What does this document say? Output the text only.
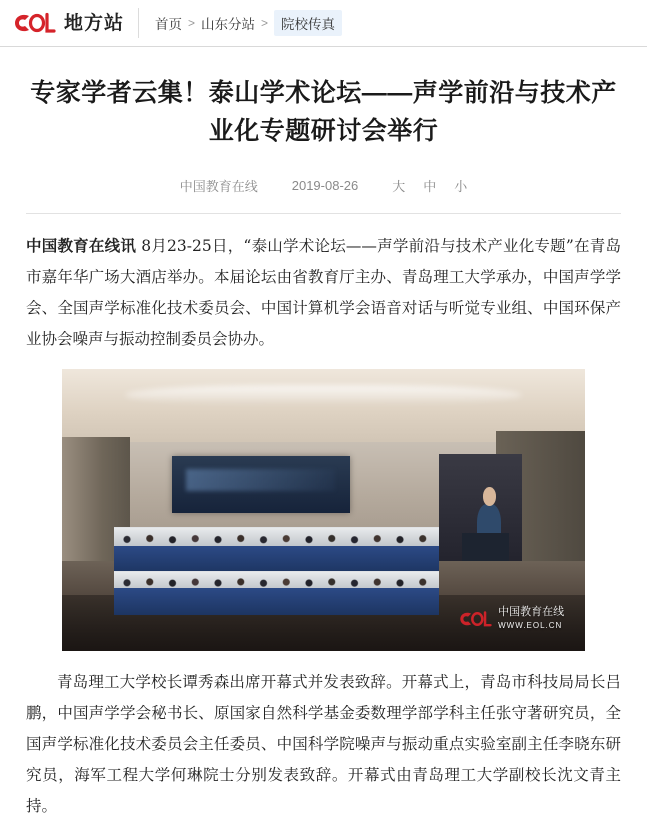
地方站 首页 > 山东分站 > 院校传真
专家学者云集！泰山学术论坛——声学前沿与技术产业化专题研讨会举行
中国教育在线	2019-08-26	大 中 小

中国教育在线讯 8月23-25日，“泰山学术论坛——声学前沿与技术产业化专题”在青岛市嘉年华广场大酒店举办。本届论坛由省教育厅主办、青岛理工大学承办，中国声学学会、全国声学标准化技术委员会、中国计算机学会语音对话与听觉专业组、中国环保产业协会噪声与振动控制委员会协办。

中国教育在线
WWW.EOL.CN

青岛理工大学校长谭秀森出席开幕式并发表致辞。开幕式上，青岛市科技局局长吕鹏，中国声学学会秘书长、原国家自然科学基金委数理学部学科主任张守著研究员，全国声学标准化技术委员会主任委员、中国科学院噪声与振动重点实验室副主任李晓东研究员，海军工程大学何琳院士分别发表致辞。开幕式由青岛理工大学副校长沈文青主持。
